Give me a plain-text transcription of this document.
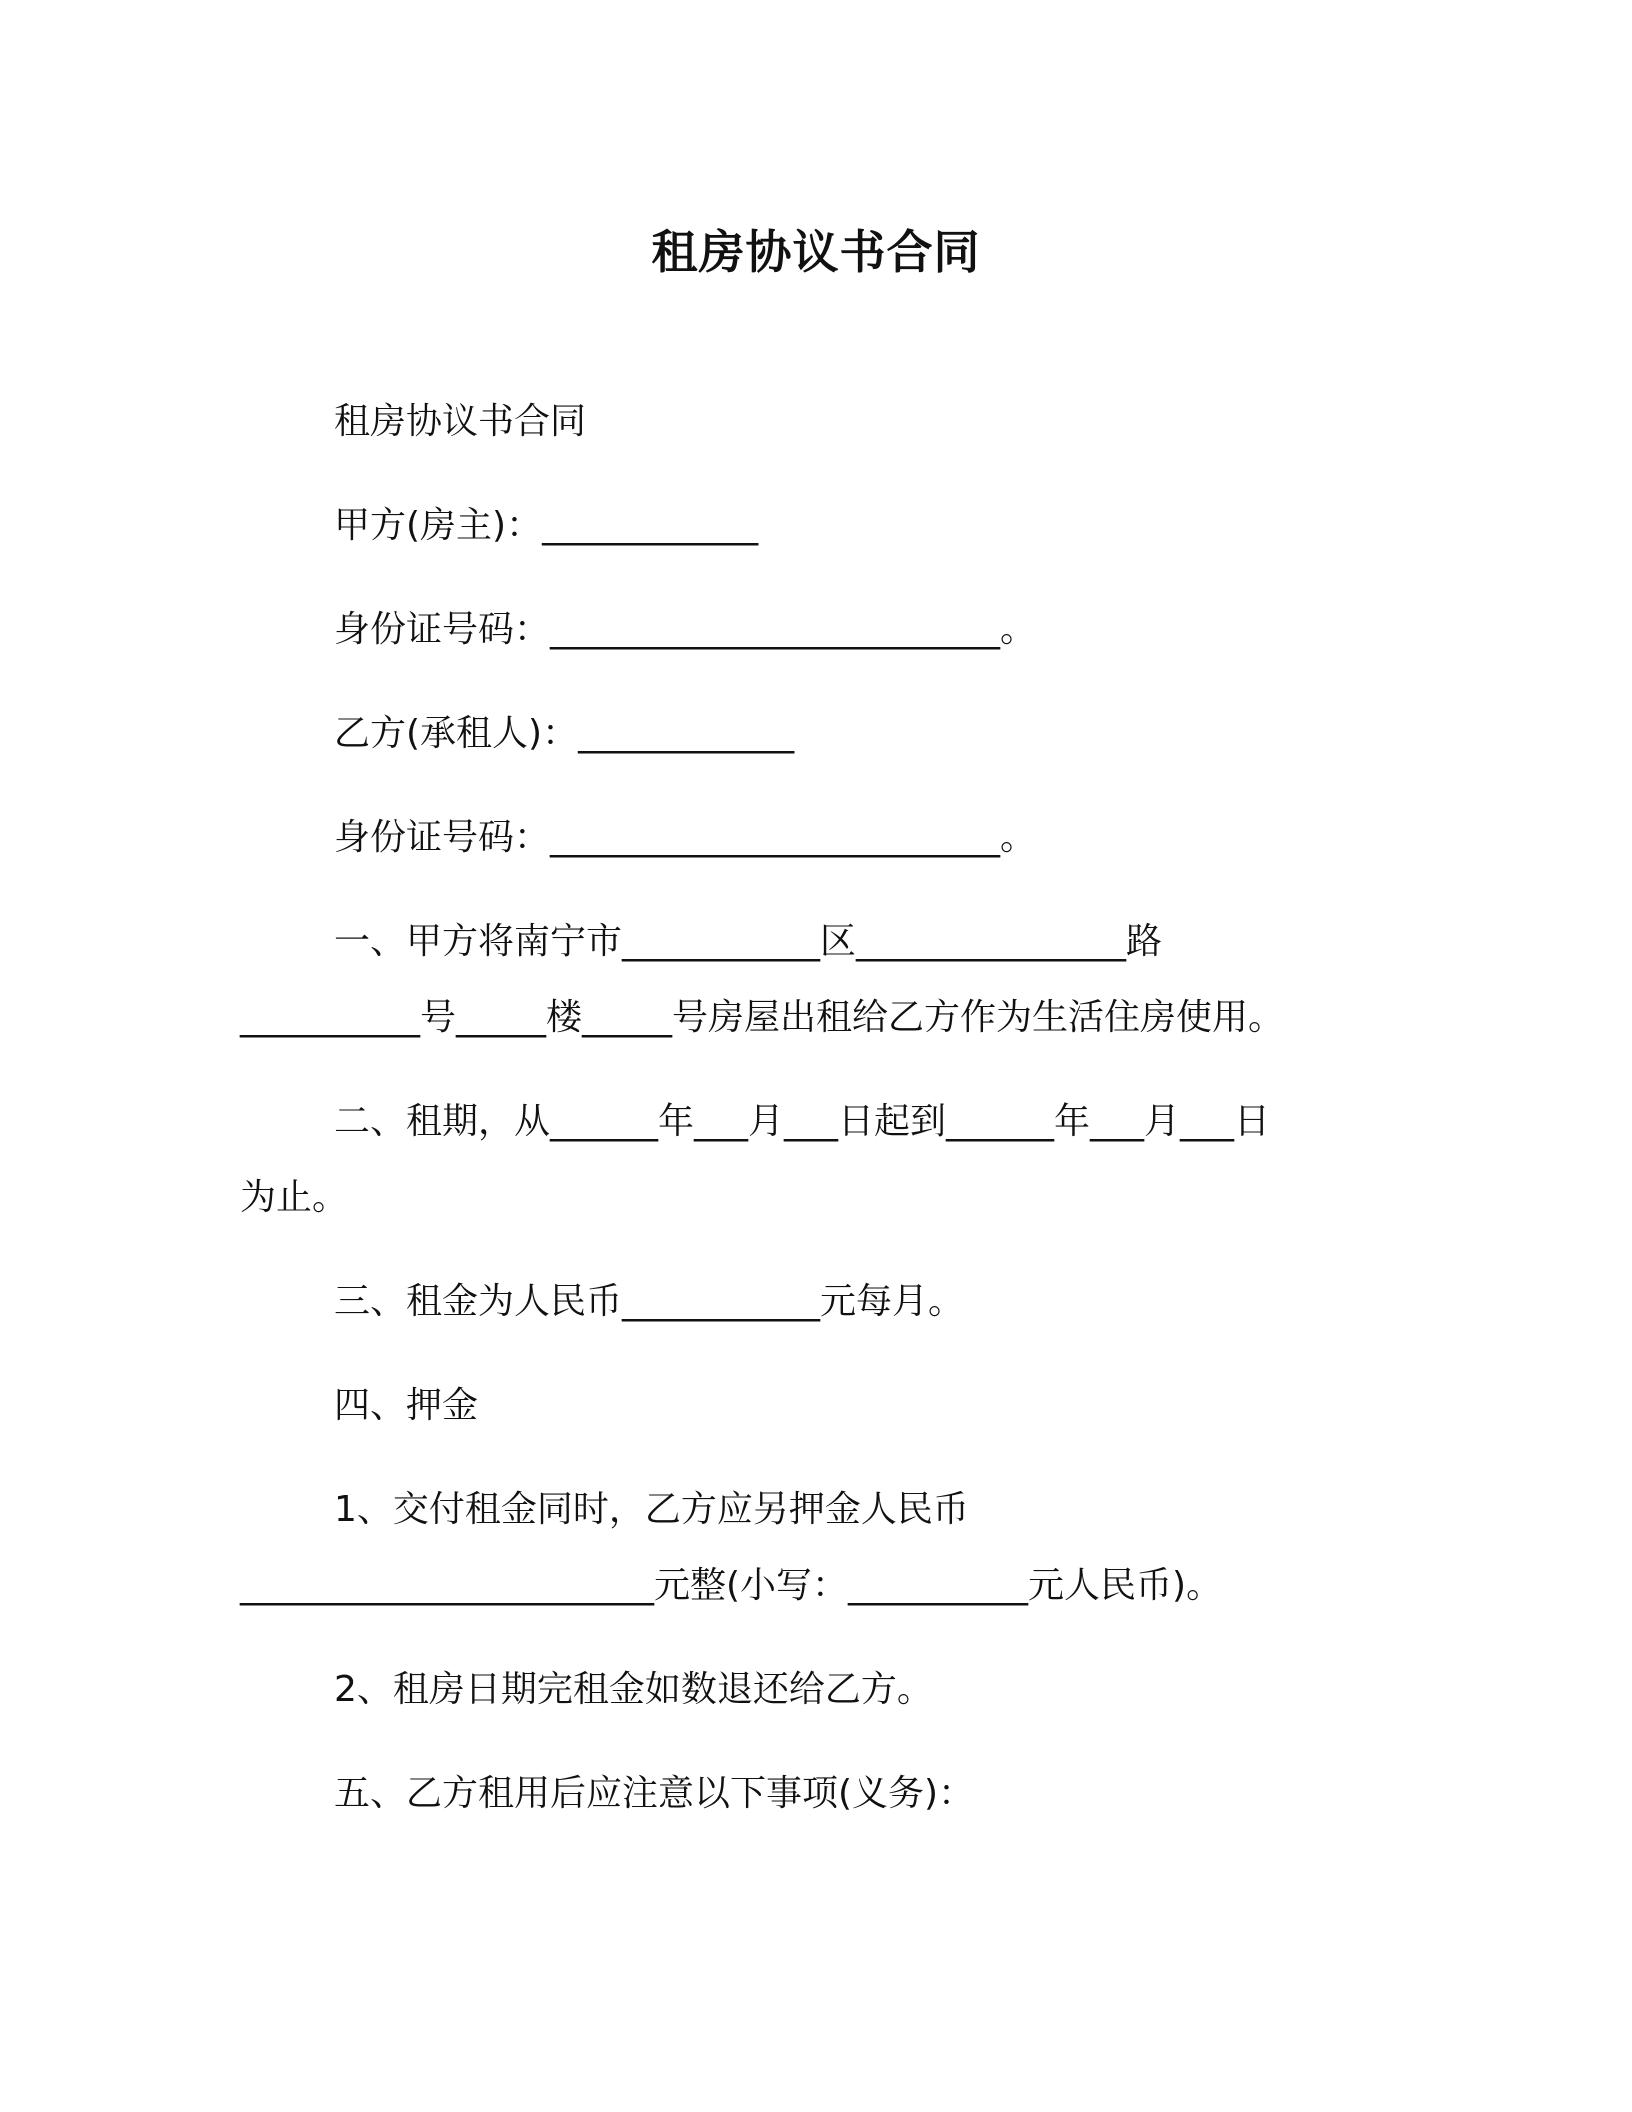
租房协议书合同
租房协议书合同
甲方(房主)：____________
身份证号码：_________________________。
乙方(承租人)：____________
身份证号码：_________________________。
一、甲方将南宁市___________区_______________路
__________号_____楼_____号房屋出租给乙方作为生活住房使用。
二、租期，从______年___月___日起到______年___月___日
为止。
三、租金为人民币___________元每月。
四、押金
1、交付租金同时，乙方应另押金人民币
_______________________元整(小写：__________元人民币)。
2、租房日期完租金如数退还给乙方。
五、乙方租用后应注意以下事项(义务)：
